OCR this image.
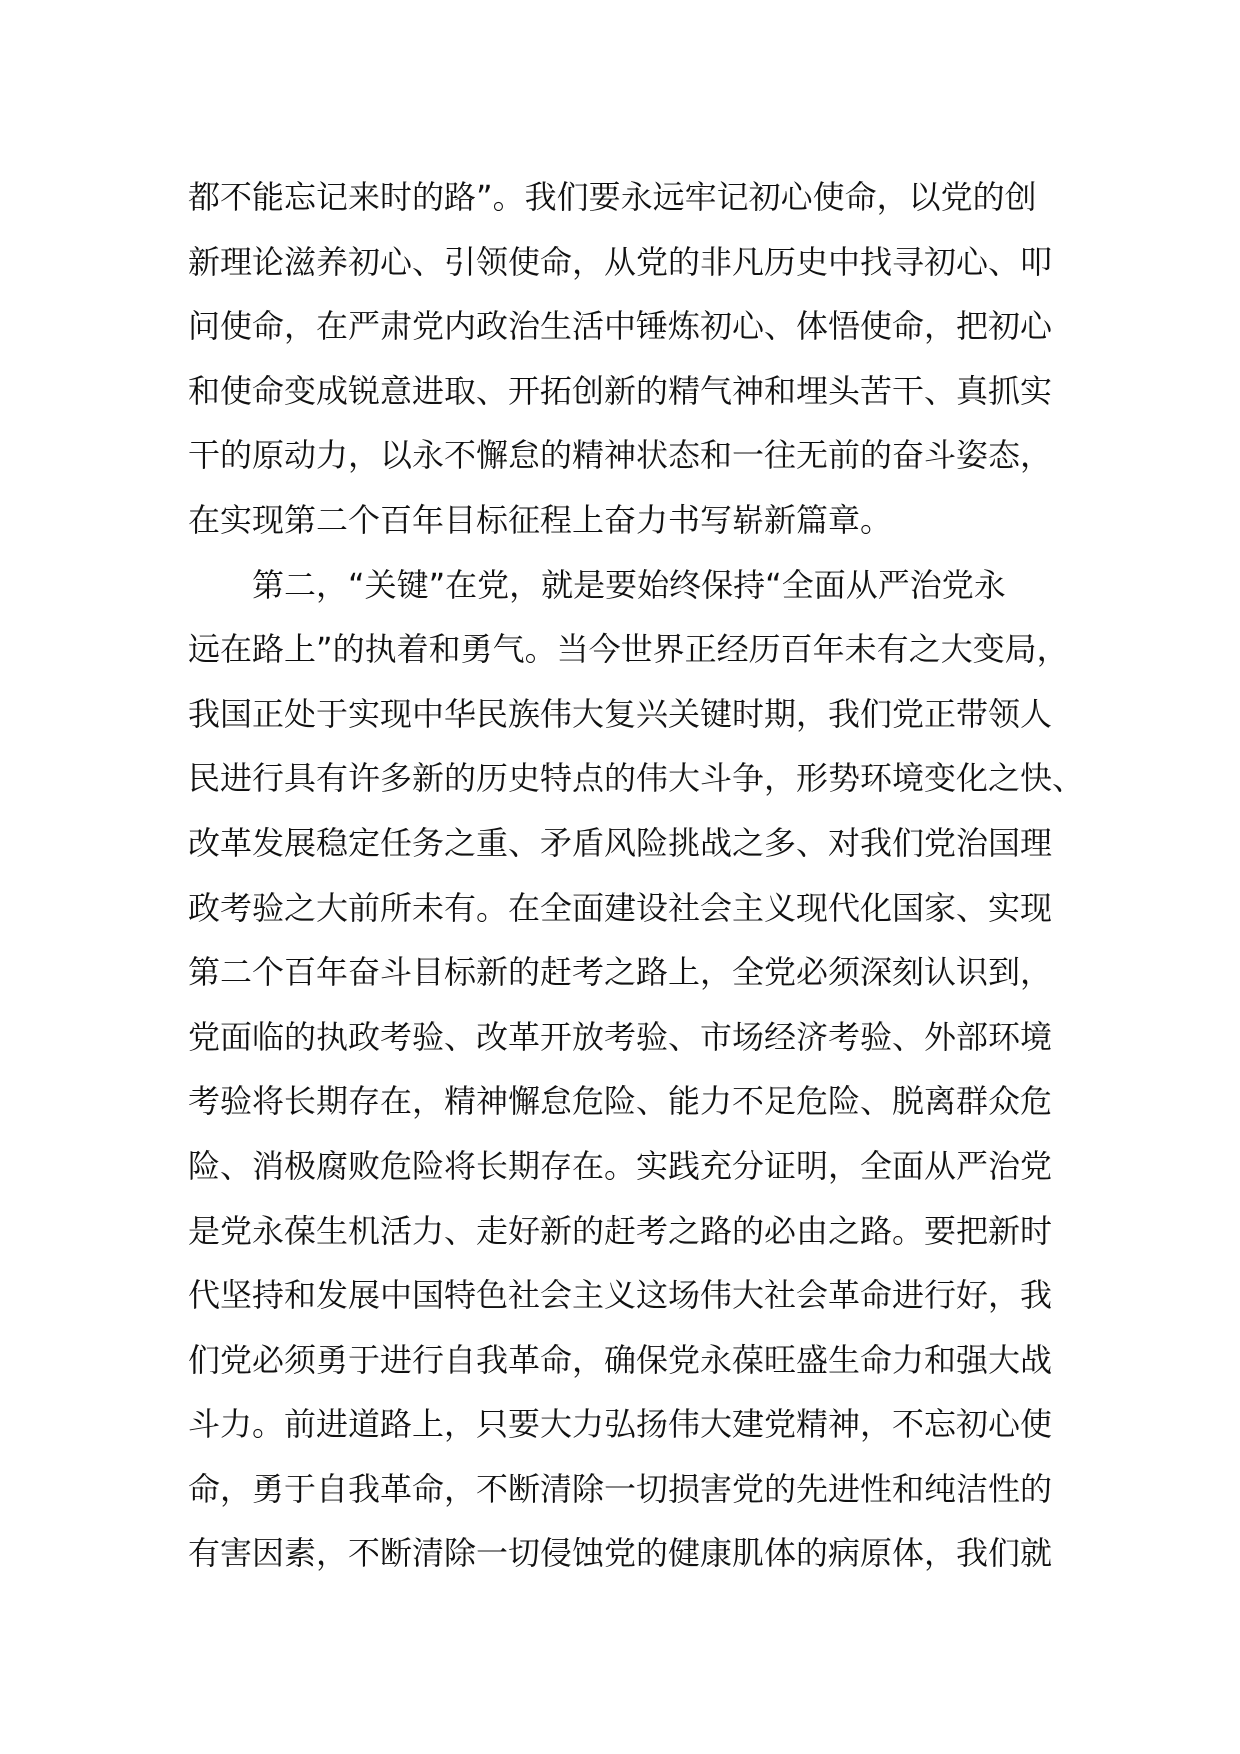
都不能忘记来时的路”。我们要永远牢记初心使命，以党的创
新理论滋养初心、引领使命，从党的非凡历史中找寻初心、叩
问使命，在严肃党内政治生活中锤炼初心、体悟使命，把初心
和使命变成锐意进取、开拓创新的精气神和埋头苦干、真抓实
干的原动力，以永不懈怠的精神状态和一往无前的奋斗姿态，
在实现第二个百年目标征程上奋力书写崭新篇章。
第二，“关键”在党，就是要始终保持“全面从严治党永
远在路上”的执着和勇气。当今世界正经历百年未有之大变局，
我国正处于实现中华民族伟大复兴关键时期，我们党正带领人
民进行具有许多新的历史特点的伟大斗争，形势环境变化之快、
改革发展稳定任务之重、矛盾风险挑战之多、对我们党治国理
政考验之大前所未有。在全面建设社会主义现代化国家、实现
第二个百年奋斗目标新的赶考之路上，全党必须深刻认识到，
党面临的执政考验、改革开放考验、市场经济考验、外部环境
考验将长期存在，精神懈怠危险、能力不足危险、脱离群众危
险、消极腐败危险将长期存在。实践充分证明，全面从严治党
是党永葆生机活力、走好新的赶考之路的必由之路。要把新时
代坚持和发展中国特色社会主义这场伟大社会革命进行好，我
们党必须勇于进行自我革命，确保党永葆旺盛生命力和强大战
斗力。前进道路上，只要大力弘扬伟大建党精神，不忘初心使
命，勇于自我革命，不断清除一切损害党的先进性和纯洁性的
有害因素，不断清除一切侵蚀党的健康肌体的病原体，我们就
